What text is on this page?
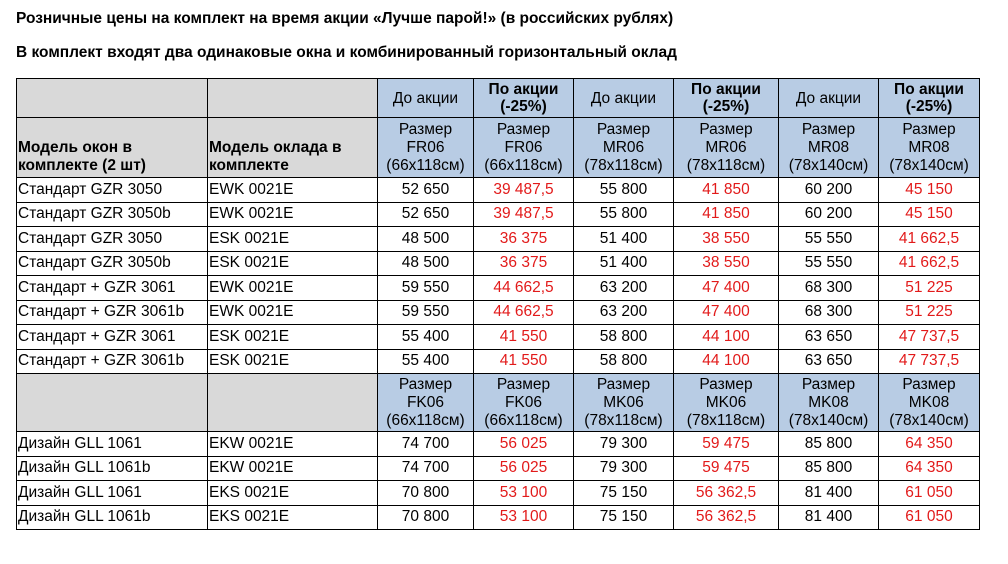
Розничные цены на комплект на время акции «Лучше парой!» (в российских рублях)
В комплект входят два одинаковые окна и комбинированный горизонтальный оклад
		До акции	По акции
(-25%)	До акции	По акции
(-25%)	До акции	По акции
(-25%)
Модель окон в комплекте (2 шт)	Модель оклада в комплекте	Размер
FR06
(66x118см)	Размер
FR06
(66x118см)	Размер
MR06
(78x118см)	Размер
MR06
(78x118см)	Размер
MR08
(78x140см)	Размер
MR08
(78x140см)
Стандарт GZR 3050	EWK 0021E	52 650	39 487,5	55 800	41 850	60 200	45 150
Стандарт GZR 3050b	EWK 0021E	52 650	39 487,5	55 800	41 850	60 200	45 150
Стандарт GZR 3050	ESK 0021E	48 500	36 375	51 400	38 550	55 550	41 662,5
Стандарт GZR 3050b	ESK 0021E	48 500	36 375	51 400	38 550	55 550	41 662,5
Стандарт + GZR 3061	EWK 0021E	59 550	44 662,5	63 200	47 400	68 300	51 225
Стандарт + GZR 3061b	EWK 0021E	59 550	44 662,5	63 200	47 400	68 300	51 225
Стандарт + GZR 3061	ESK 0021E	55 400	41 550	58 800	44 100	63 650	47 737,5
Стандарт + GZR 3061b	ESK 0021E	55 400	41 550	58 800	44 100	63 650	47 737,5
		Размер
FK06
(66x118см)	Размер
FK06
(66x118см)	Размер
MK06
(78x118см)	Размер
MK06
(78x118см)	Размер
MK08
(78x140см)	Размер
MK08
(78x140см)
Дизайн GLL 1061	EKW 0021E	74 700	56 025	79 300	59 475	85 800	64 350
Дизайн GLL 1061b	EKW 0021E	74 700	56 025	79 300	59 475	85 800	64 350
Дизайн GLL 1061	EKS 0021E	70 800	53 100	75 150	56 362,5	81 400	61 050
Дизайн GLL 1061b	EKS 0021E	70 800	53 100	75 150	56 362,5	81 400	61 050
